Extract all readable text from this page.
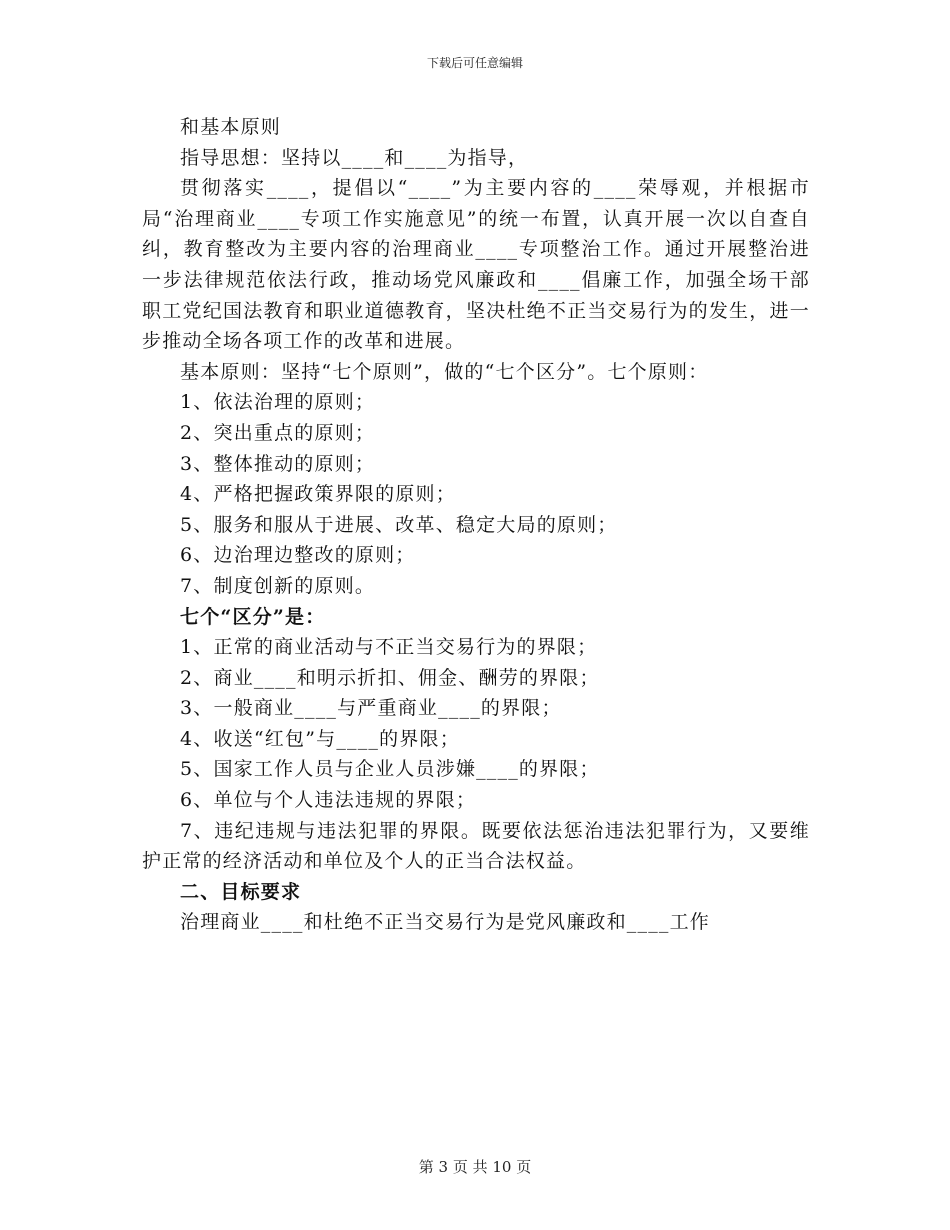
下载后可任意编辑

和基本原则

指导思想：坚持以____和____为指导，

贯彻落实____，提倡以“____”为主要内容的____荣辱观，并根据市局“治理商业____专项工作实施意见”的统一布置，认真开展一次以自查自纠，教育整改为主要内容的治理商业____专项整治工作。通过开展整治进一步法律规范依法行政，推动场党风廉政和____倡廉工作，加强全场干部职工党纪国法教育和职业道德教育，坚决杜绝不正当交易行为的发生，进一步推动全场各项工作的改革和进展。

基本原则：坚持“七个原则”，做的“七个区分”。七个原则：

1、依法治理的原则；

2、突出重点的原则；

3、整体推动的原则；

4、严格把握政策界限的原则；

5、服务和服从于进展、改革、稳定大局的原则；

6、边治理边整改的原则；

7、制度创新的原则。

七个“区分”是：

1、正常的商业活动与不正当交易行为的界限；

2、商业____和明示折扣、佣金、酬劳的界限；

3、一般商业____与严重商业____的界限；

4、收送“红包”与____的界限；

5、国家工作人员与企业人员涉嫌____的界限；

6、单位与个人违法违规的界限；

7、违纪违规与违法犯罪的界限。既要依法惩治违法犯罪行为，又要维护正常的经济活动和单位及个人的正当合法权益。

二、目标要求

治理商业____和杜绝不正当交易行为是党风廉政和____工作

第 3 页 共 10 页
